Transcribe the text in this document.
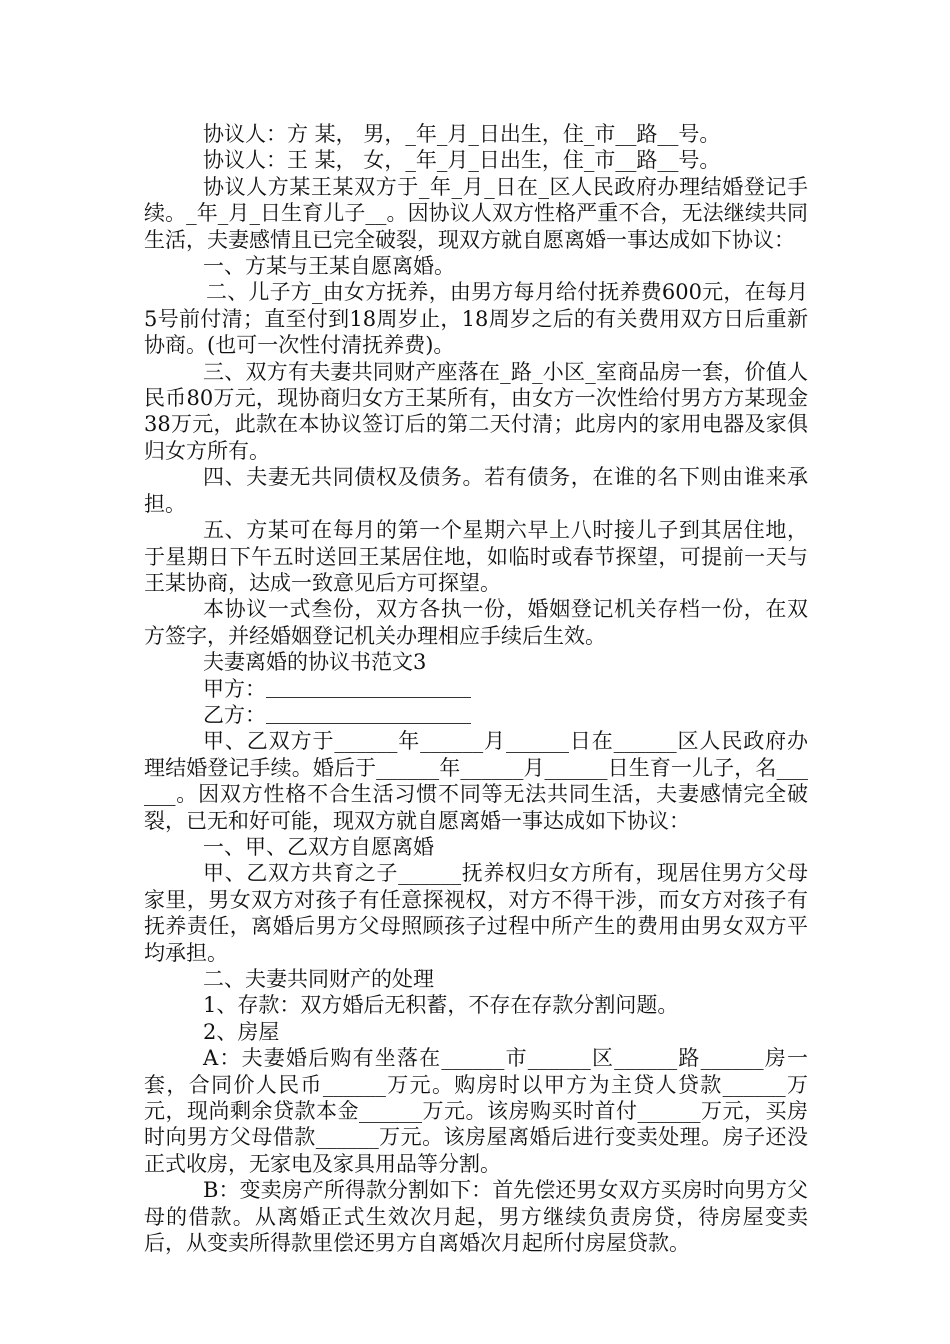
协议人：方 某， 男，_年_月_日出生，住_市__路__号。

协议人：王 某， 女，_年_月_日出生，住_市__路__号。

协议人方某王某双方于_年_月_日在_区人民政府办理结婚登记手续。_年_月_日生育儿子__。因协议人双方性格严重不合，无法继续共同生活，夫妻感情且已完全破裂，现双方就自愿离婚一事达成如下协议：

一、方某与王某自愿离婚。

二、儿子方_由女方抚养，由男方每月给付抚养费600元，在每月5号前付清；直至付到18周岁止，18周岁之后的有关费用双方日后重新协商。(也可一次性付清抚养费)。

三、双方有夫妻共同财产座落在_路_小区_室商品房一套，价值人民币80万元，现协商归女方王某所有，由女方一次性给付男方方某现金38万元，此款在本协议签订后的第二天付清；此房内的家用电器及家俱归女方所有。

四、夫妻无共同债权及债务。若有债务，在谁的名下则由谁来承担。

五、方某可在每月的第一个星期六早上八时接儿子到其居住地，于星期日下午五时送回王某居住地，如临时或春节探望，可提前一天与王某协商，达成一致意见后方可探望。

本协议一式叁份，双方各执一份，婚姻登记机关存档一份，在双方签字，并经婚姻登记机关办理相应手续后生效。

夫妻离婚的协议书范文3

甲方：

乙方：

甲、乙双方于______年______月______日在______区人民政府办理结婚登记手续。婚后于______年______月______日生育一儿子，名______。因双方性格不合生活习惯不同等无法共同生活，夫妻感情完全破裂，已无和好可能，现双方就自愿离婚一事达成如下协议：

一、甲、乙双方自愿离婚

甲、乙双方共育之子______抚养权归女方所有，现居住男方父母家里，男女双方对孩子有任意探视权，对方不得干涉，而女方对孩子有抚养责任，离婚后男方父母照顾孩子过程中所产生的费用由男女双方平均承担。

二、夫妻共同财产的处理

1、存款：双方婚后无积蓄，不存在存款分割问题。

2、房屋

A：夫妻婚后购有坐落在______市______区______路______房一套，合同价人民币______万元。购房时以甲方为主贷人贷款______万元，现尚剩余贷款本金______万元。该房购买时首付______万元，买房时向男方父母借款______万元。该房屋离婚后进行变卖处理。房子还没正式收房，无家电及家具用品等分割。

B：变卖房产所得款分割如下：首先偿还男女双方买房时向男方父母的借款。从离婚正式生效次月起，男方继续负责房贷，待房屋变卖后，从变卖所得款里偿还男方自离婚次月起所付房屋贷款。
